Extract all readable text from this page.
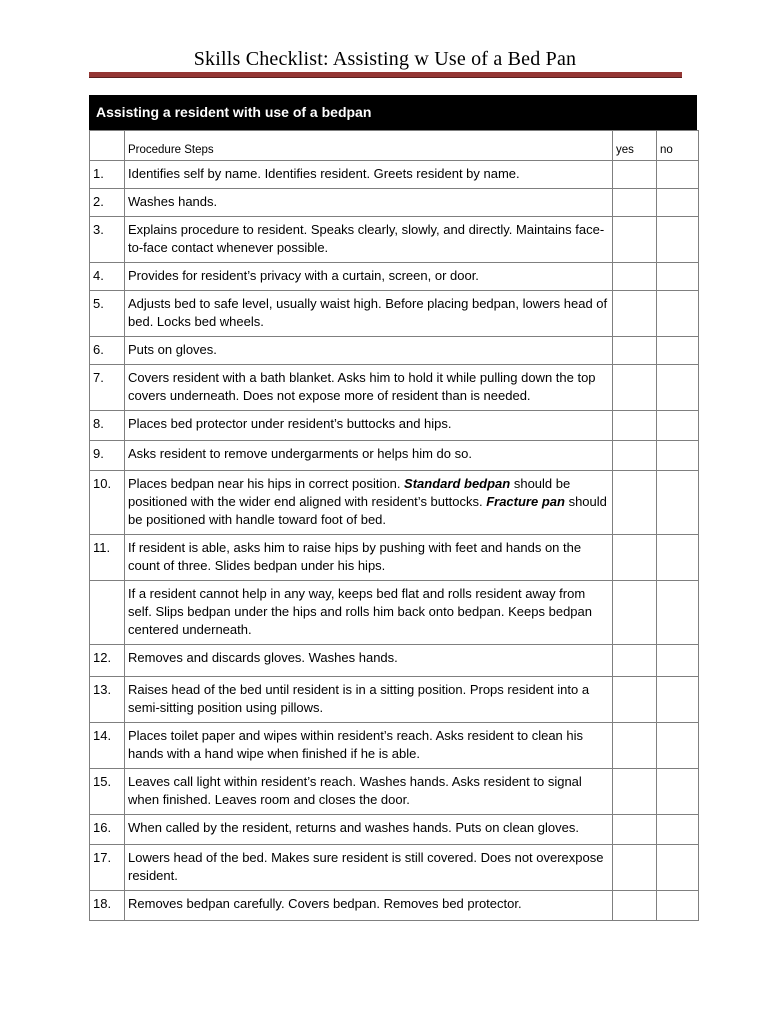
Skills Checklist: Assisting w Use of a Bed Pan
Assisting a resident with use of a bedpan
	Procedure Steps	yes	no
1.	Identifies self by name. Identifies resident. Greets resident by name.		
2.	Washes hands.		
3.	Explains procedure to resident. Speaks clearly, slowly, and directly. Maintains face-to-face contact whenever possible.		
4.	Provides for resident’s privacy with a curtain, screen, or door.		
5.	Adjusts bed to safe level, usually waist high. Before placing bedpan, lowers head of bed. Locks bed wheels.		
6.	Puts on gloves.		
7.	Covers resident with a bath blanket. Asks him to hold it while pulling down the top covers underneath. Does not expose more of resident than is needed.		
8.	Places bed protector under resident’s buttocks and hips.		
9.	Asks resident to remove undergarments or helps him do so.		
10.	Places bedpan near his hips in correct position. Standard bedpan should be positioned with the wider end aligned with resident’s buttocks. Fracture pan should be positioned with handle toward foot of bed.		
11.	If resident is able, asks him to raise hips by pushing with feet and hands on the count of three. Slides bedpan under his hips.		
	If a resident cannot help in any way, keeps bed flat and rolls resident away from self. Slips bedpan under the hips and rolls him back onto bedpan. Keeps bedpan centered underneath.		
12.	Removes and discards gloves. Washes hands.		
13.	Raises head of the bed until resident is in a sitting position. Props resident into a semi-sitting position using pillows.		
14.	Places toilet paper and wipes within resident’s reach. Asks resident to clean his hands with a hand wipe when finished if he is able.		
15.	Leaves call light within resident’s reach. Washes hands. Asks resident to signal when finished. Leaves room and closes the door.		
16.	When called by the resident, returns and washes hands. Puts on clean gloves.		
17.	Lowers head of the bed. Makes sure resident is still covered. Does not overexpose resident.		
18.	Removes bedpan carefully. Covers bedpan. Removes bed protector.		
